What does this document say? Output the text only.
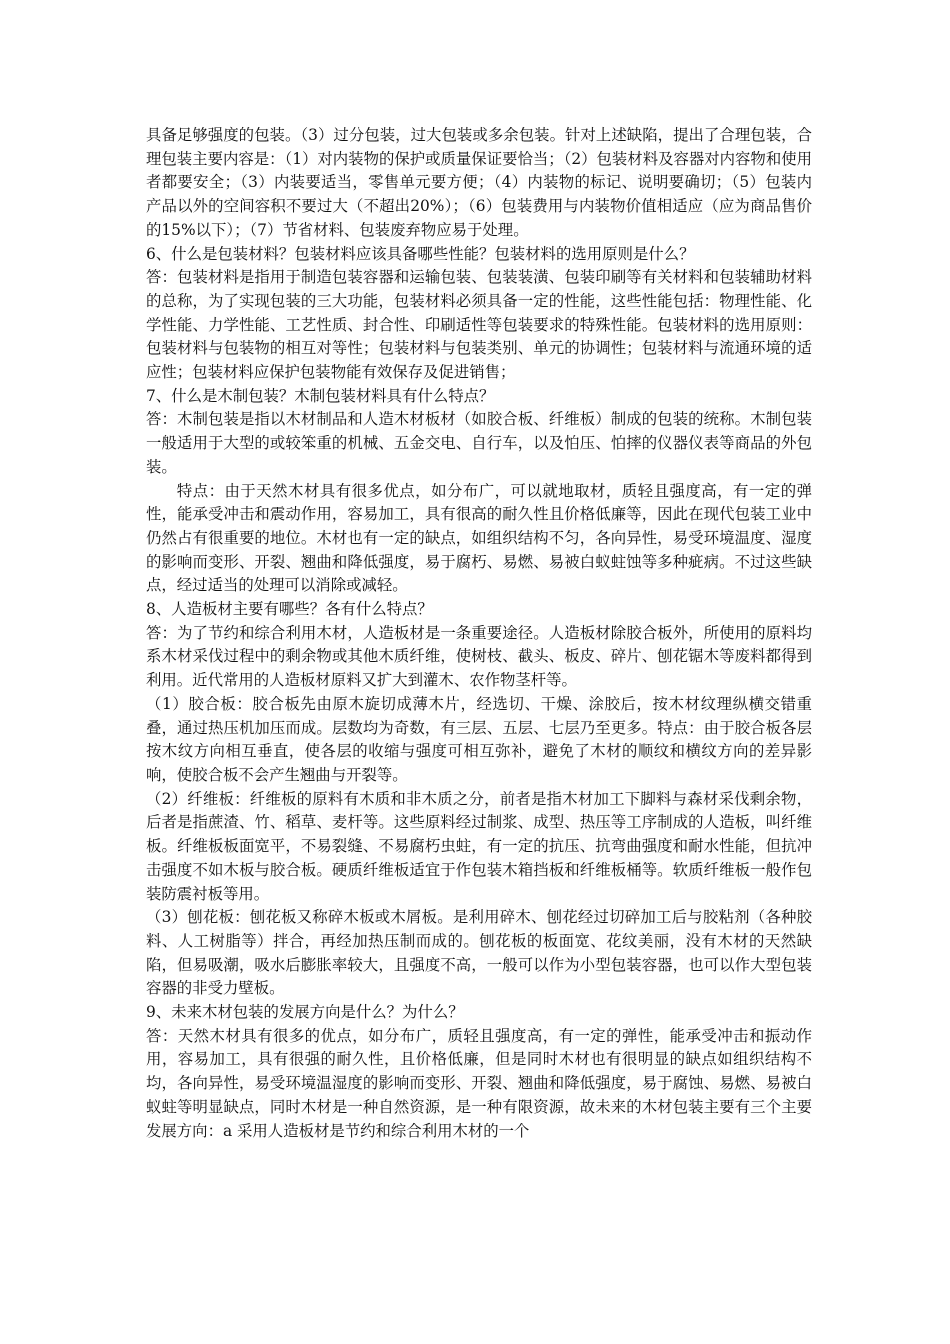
具备足够强度的包装。（3）过分包装，过大包装或多余包装。针对上述缺陷，提出了合理包装，合理包装主要内容是：（1）对内装物的保护或质量保证要恰当；（2）包装材料及容器对内容物和使用者都要安全；（3）内装要适当，零售单元要方便；（4）内装物的标记、说明要确切；（5）包装内产品以外的空间容积不要过大（不超出20%）；（6）包装费用与内装物价值相适应（应为商品售价的15%以下）；（7）节省材料、包装废弃物应易于处理。

6、什么是包装材料？包装材料应该具备哪些性能？包装材料的选用原则是什么？

答：包装材料是指用于制造包装容器和运输包装、包装装潢、包装印刷等有关材料和包装辅助材料的总称，为了实现包装的三大功能，包装材料必须具备一定的性能，这些性能包括：物理性能、化学性能、力学性能、工艺性质、封合性、印刷适性等包装要求的特殊性能。包装材料的选用原则：包装材料与包装物的相互对等性；包装材料与包装类别、单元的协调性；包装材料与流通环境的适应性；包装材料应保护包装物能有效保存及促进销售；

7、什么是木制包装？木制包装材料具有什么特点？

答：木制包装是指以木材制品和人造木材板材（如胶合板、纤维板）制成的包装的统称。木制包装一般适用于大型的或较笨重的机械、五金交电、自行车，以及怕压、怕摔的仪器仪表等商品的外包装。

特点：由于天然木材具有很多优点，如分布广，可以就地取材，质轻且强度高，有一定的弹性，能承受冲击和震动作用，容易加工，具有很高的耐久性且价格低廉等，因此在现代包装工业中仍然占有很重要的地位。木材也有一定的缺点，如组织结构不匀，各向异性，易受环境温度、湿度的影响而变形、开裂、翘曲和降低强度，易于腐朽、易燃、易被白蚁蛀蚀等多种疵病。不过这些缺点，经过适当的处理可以消除或减轻。

8、人造板材主要有哪些？各有什么特点？

答：为了节约和综合利用木材，人造板材是一条重要途径。人造板材除胶合板外，所使用的原料均系木材采伐过程中的剩余物或其他木质纤维，使树枝、截头、板皮、碎片、刨花锯木等废料都得到利用。近代常用的人造板材原料又扩大到灌木、农作物茎杆等。

（1）胶合板：胶合板先由原木旋切成薄木片，经选切、干燥、涂胶后，按木材纹理纵横交错重叠，通过热压机加压而成。层数均为奇数，有三层、五层、七层乃至更多。特点：由于胶合板各层按木纹方向相互垂直，使各层的收缩与强度可相互弥补，避免了木材的顺纹和横纹方向的差异影响，使胶合板不会产生翘曲与开裂等。

（2）纤维板：纤维板的原料有木质和非木质之分，前者是指木材加工下脚料与森材采伐剩余物，后者是指蔗渣、竹、稻草、麦杆等。这些原料经过制浆、成型、热压等工序制成的人造板，叫纤维板。纤维板板面宽平，不易裂缝、不易腐朽虫蛀，有一定的抗压、抗弯曲强度和耐水性能，但抗冲击强度不如木板与胶合板。硬质纤维板适宜于作包装木箱挡板和纤维板桶等。软质纤维板一般作包装防震衬板等用。

（3）刨花板：刨花板又称碎木板或木屑板。是利用碎木、刨花经过切碎加工后与胶粘剂（各种胶料、人工树脂等）拌合，再经加热压制而成的。刨花板的板面宽、花纹美丽，没有木材的天然缺陷，但易吸潮，吸水后膨胀率较大，且强度不高，一般可以作为小型包装容器，也可以作大型包装容器的非受力壁板。

9、未来木材包装的发展方向是什么？为什么？

答：天然木材具有很多的优点，如分布广，质轻且强度高，有一定的弹性，能承受冲击和振动作用，容易加工，具有很强的耐久性，且价格低廉，但是同时木材也有很明显的缺点如组织结构不均，各向异性，易受环境温湿度的影响而变形、开裂、翘曲和降低强度，易于腐蚀、易燃、易被白蚁蛀等明显缺点，同时木材是一种自然资源，是一种有限资源，故未来的木材包装主要有三个主要发展方向：a 采用人造板材是节约和综合利用木材的一个
